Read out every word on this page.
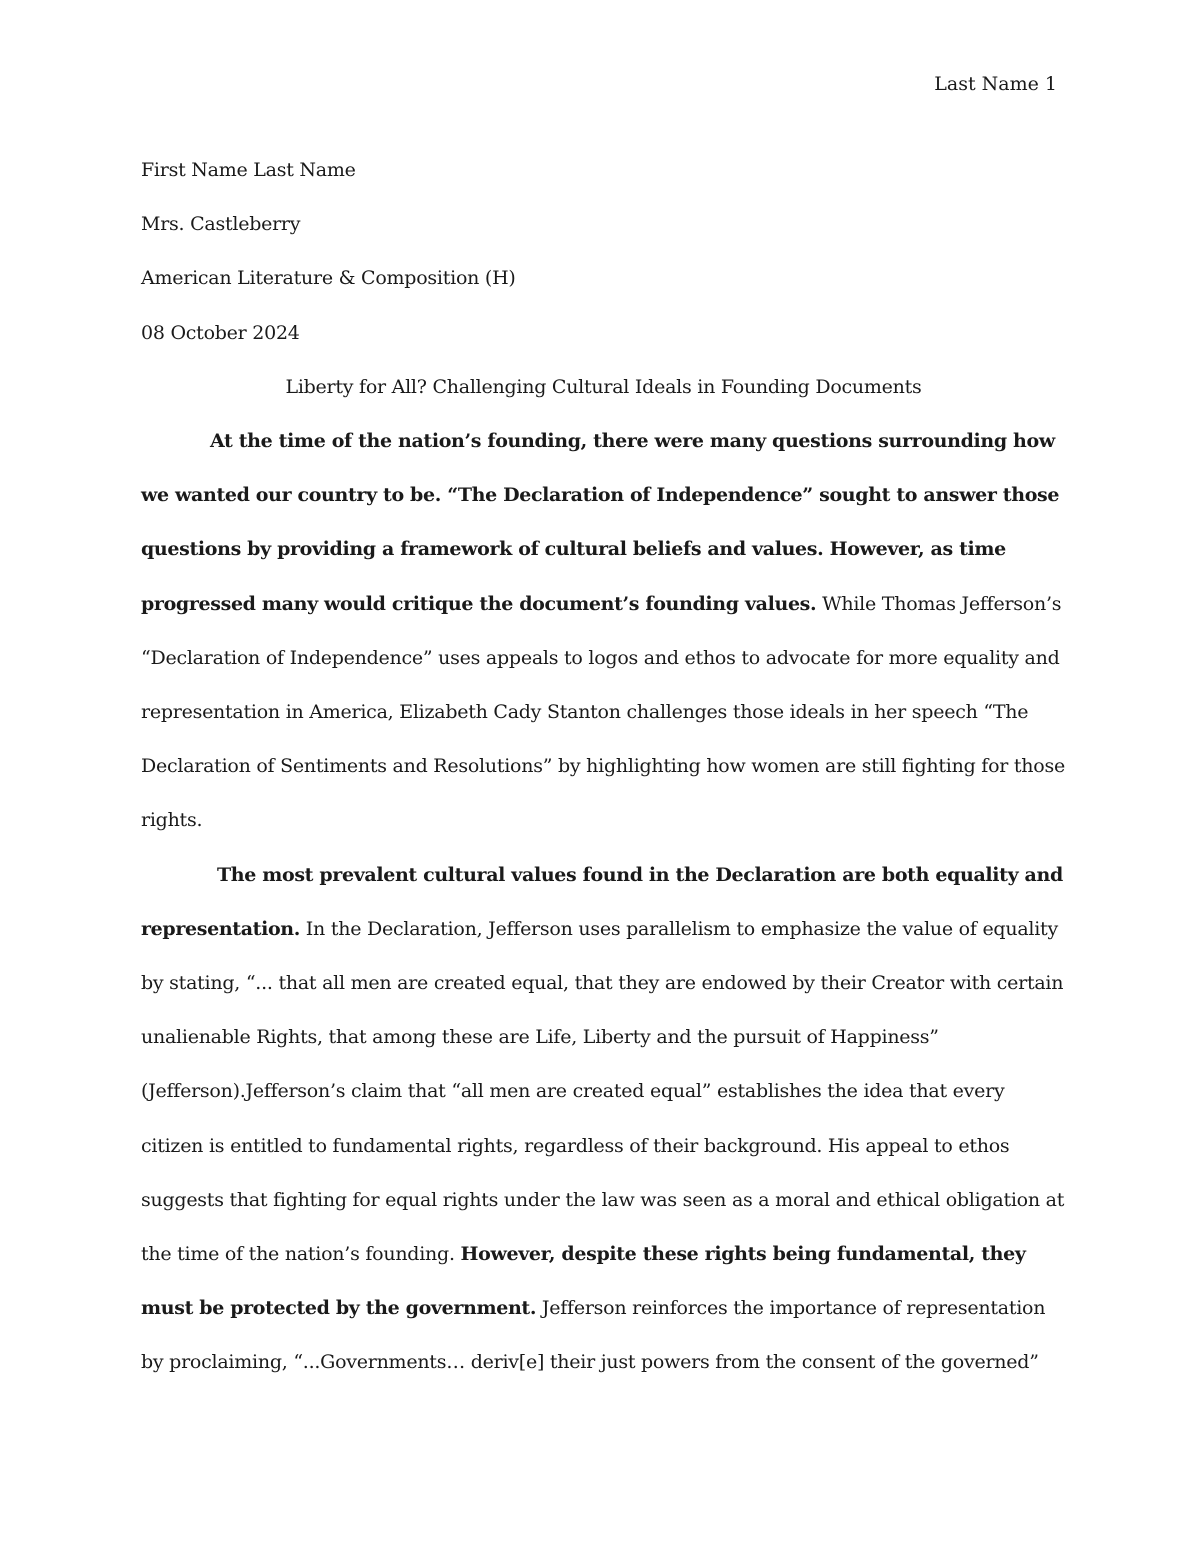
Last Name 1

First Name Last Name

Mrs. Castleberry

American Literature & Composition (H)

08 October 2024

Liberty for All? Challenging Cultural Ideals in Founding Documents

At the time of the nation’s founding, there were many questions surrounding how we wanted our country to be. “The Declaration of Independence” sought to answer those questions by providing a framework of cultural beliefs and values. However, as time progressed many would critique the document’s founding values. While Thomas Jefferson’s “Declaration of Independence” uses appeals to logos and ethos to advocate for more equality and representation in America, Elizabeth Cady Stanton challenges those ideals in her speech “The Declaration of Sentiments and Resolutions” by highlighting how women are still fighting for those rights.

The most prevalent cultural values found in the Declaration are both equality and representation. In the Declaration, Jefferson uses parallelism to emphasize the value of equality by stating, “... that all men are created equal, that they are endowed by their Creator with certain unalienable Rights, that among these are Life, Liberty and the pursuit of Happiness” (Jefferson).Jefferson’s claim that “all men are created equal” establishes the idea that every citizen is entitled to fundamental rights, regardless of their background. His appeal to ethos suggests that fighting for equal rights under the law was seen as a moral and ethical obligation at the time of the nation’s founding. However, despite these rights being fundamental, they must be protected by the government. Jefferson reinforces the importance of representation by proclaiming, “...Governments… deriv[e] their just powers from the consent of the governed”
